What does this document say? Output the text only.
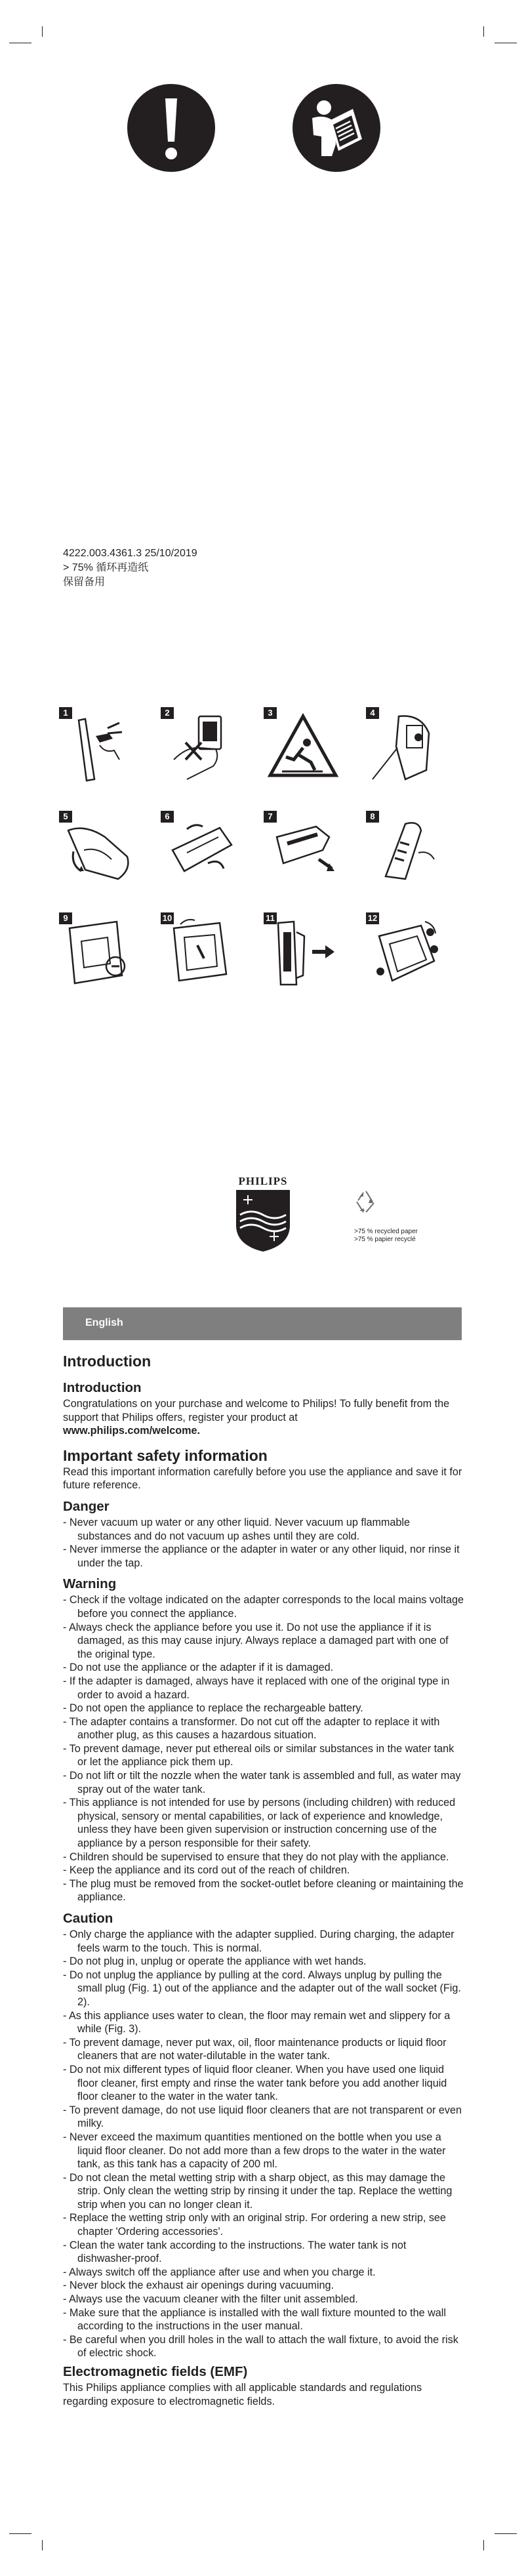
4222.003.4361.3 25/10/2019
> 75% 循环再造纸
保留备用
1	2	3	4
5	6	7	8
9	10	11	12
PHILIPS
>75 % recycled paper
>75 % papier recyclé
English
Introduction
Introduction

Congratulations on your purchase and welcome to Philips! To fully benefit from the support that Philips offers, register your product at
www.philips.com/welcome.

Important safety information

Read this important information carefully before you use the appliance and save it for future reference.

Danger
- Never vacuum up water or any other liquid. Never vacuum up flammable substances and do not vacuum up ashes until they are cold.
- Never immerse the appliance or the adapter in water or any other liquid, nor rinse it under the tap.
Warning
- Check if the voltage indicated on the adapter corresponds to the local mains voltage before you connect the appliance.
- Always check the appliance before you use it. Do not use the appliance if it is damaged, as this may cause injury. Always replace a damaged part with one of the original type.
- Do not use the appliance or the adapter if it is damaged.
- If the adapter is damaged, always have it replaced with one of the original type in order to avoid a hazard.
- Do not open the appliance to replace the rechargeable battery.
- The adapter contains a transformer. Do not cut off the adapter to replace it with another plug, as this causes a hazardous situation.
- To prevent damage, never put ethereal oils or similar substances in the water tank or let the appliance pick them up.
- Do not lift or tilt the nozzle when the water tank is assembled and full, as water may spray out of the water tank.
- This appliance is not intended for use by persons (including children) with reduced physical, sensory or mental capabilities, or lack of experience and knowledge, unless they have been given supervision or instruction concerning use of the appliance by a person responsible for their safety.
- Children should be supervised to ensure that they do not play with the appliance.
- Keep the appliance and its cord out of the reach of children.
- The plug must be removed from the socket-outlet before cleaning or maintaining the appliance.
Caution
- Only charge the appliance with the adapter supplied. During charging, the adapter feels warm to the touch. This is normal.
- Do not plug in, unplug or operate the appliance with wet hands.
- Do not unplug the appliance by pulling at the cord. Always unplug by pulling the small plug (Fig. 1) out of the appliance and the adapter out of the wall socket (Fig. 2).
- As this appliance uses water to clean, the floor may remain wet and slippery for a while (Fig. 3).
- To prevent damage, never put wax, oil, floor maintenance products or liquid floor cleaners that are not water-dilutable in the water tank.
- Do not mix different types of liquid floor cleaner. When you have used one liquid floor cleaner, first empty and rinse the water tank before you add another liquid floor cleaner to the water in the water tank.
- To prevent damage, do not use liquid floor cleaners that are not transparent or even milky.
- Never exceed the maximum quantities mentioned on the bottle when you use a liquid floor cleaner. Do not add more than a few drops to the water in the water tank, as this tank has a capacity of 200 ml.
- Do not clean the metal wetting strip with a sharp object, as this may damage the strip. Only clean the wetting strip by rinsing it under the tap. Replace the wetting strip when you can no longer clean it.
- Replace the wetting strip only with an original strip. For ordering a new strip, see chapter 'Ordering accessories'.
- Clean the water tank according to the instructions. The water tank is not dishwasher-proof.
- Always switch off the appliance after use and when you charge it.
- Never block the exhaust air openings during vacuuming.
- Always use the vacuum cleaner with the filter unit assembled.
- Make sure that the appliance is installed with the wall fixture mounted to the wall according to the instructions in the user manual.
- Be careful when you drill holes in the wall to attach the wall fixture, to avoid the risk of electric shock.
Electromagnetic fields (EMF)

This Philips appliance complies with all applicable standards and regulations regarding exposure to electromagnetic fields.
